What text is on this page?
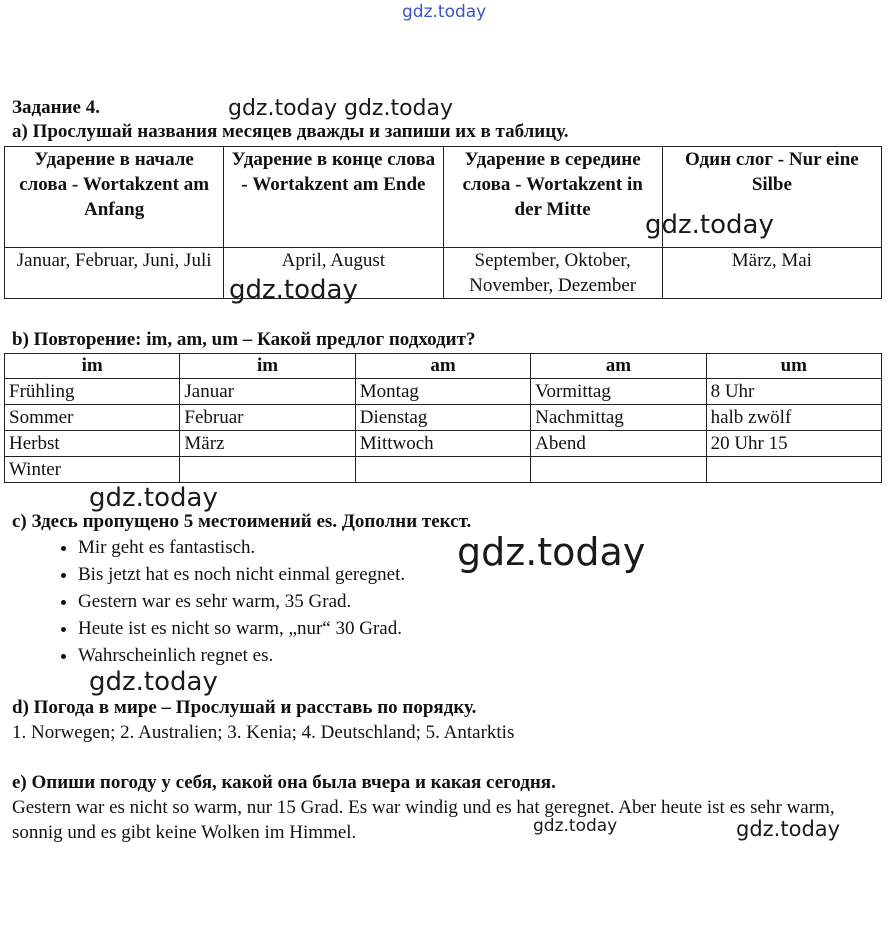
gdz.today
Задание 4.
а) Прослушай названия месяцев дважды и запиши их в таблицу.
Ударение в начале слова - Wortakzent am Anfang	Ударение в конце слова - Wortakzent am Ende	Ударение в середине слова - Wortakzent in der Mitte	Один слог - Nur eine Silbe
Januar, Februar, Juni, Juli	April, August	September, Oktober, November, Dezember	März, Mai
b) Повторение: im, am, um – Какой предлог подходит?
im	im	am	am	um
Frühling	Januar	Montag	Vormittag	8 Uhr
Sommer	Februar	Dienstag	Nachmittag	halb zwölf
Herbst	März	Mittwoch	Abend	20 Uhr 15
Winter				
с) Здесь пропущено 5 местоимений es. Дополни текст.
• Mir geht es fantastisch.
• Bis jetzt hat es noch nicht einmal geregnet.
• Gestern war es sehr warm, 35 Grad.
• Heute ist es nicht so warm, „nur“ 30 Grad.
• Wahrscheinlich regnet es.
d) Погода в мире – Прослушай и расставь по порядку.
1. Norwegen; 2. Australien; 3. Kenia; 4. Deutschland; 5. Antarktis
e) Опиши погоду у себя, какой она была вчера и какая сегодня.
Gestern war es nicht so warm, nur 15 Grad. Es war windig und es hat geregnet. Aber heute ist es sehr warm, sonnig und es gibt keine Wolken im Himmel.
gdz.today gdz.today
gdz.today
gdz.today
gdz.today
gdz.today
gdz.today
gdz.today	gdz.today
